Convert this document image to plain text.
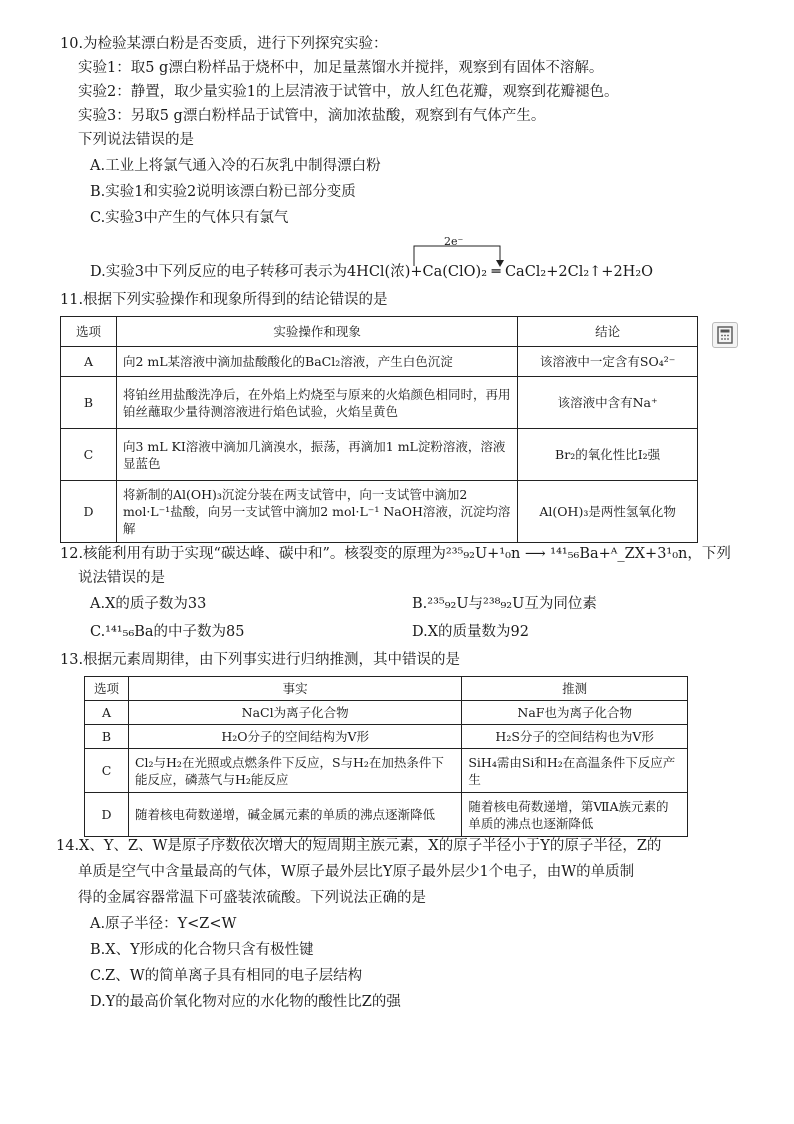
10.为检验某漂白粉是否变质，进行下列探究实验：
实验1：取5 g漂白粉样品于烧杯中，加足量蒸馏水并搅拌，观察到有固体不溶解。
实验2：静置，取少量实验1的上层清液于试管中，放人红色花瓣，观察到花瓣褪色。
实验3：另取5 g漂白粉样品于试管中，滴加浓盐酸，观察到有气体产生。
下列说法错误的是
A.工业上将氯气通入冷的石灰乳中制得漂白粉
B.实验1和实验2说明该漂白粉已部分变质
C.实验3中产生的气体只有氯气
2e⁻
D.实验3中下列反应的电子转移可表示为4HCl(浓)+Ca(ClO)₂ ═ CaCl₂+2Cl₂↑+2H₂O
11.根据下列实验操作和现象所得到的结论错误的是
选项	实验操作和现象	结论
A	向2 mL某溶液中滴加盐酸酸化的BaCl₂溶液，产生白色沉淀	该溶液中一定含有SO₄²⁻
B	将铂丝用盐酸洗净后，在外焰上灼烧至与原来的火焰颜色相同时，再用铂丝蘸取少量待测溶液进行焰色试验，火焰呈黄色	该溶液中含有Na⁺
C	向3 mL KI溶液中滴加几滴溴水，振荡，再滴加1 mL淀粉溶液，溶液显蓝色	Br₂的氧化性比I₂强
D	将新制的Al(OH)₃沉淀分装在两支试管中，向一支试管中滴加2 mol·L⁻¹盐酸，向另一支试管中滴加2 mol·L⁻¹ NaOH溶液，沉淀均溶解	Al(OH)₃是两性氢氧化物
12.核能利用有助于实现“碳达峰、碳中和”。核裂变的原理为²³⁵₉₂U+¹₀n ⟶ ¹⁴¹₅₆Ba+ᴬ_ZX+3¹₀n，下列
说法错误的是
A.X的质子数为33	B.²³⁵₉₂U与²³⁸₉₂U互为同位素
C.¹⁴¹₅₆Ba的中子数为85	D.X的质量数为92
13.根据元素周期律，由下列事实进行归纳推测，其中错误的是
选项	事实	推测
A	NaCl为离子化合物	NaF也为离子化合物
B	H₂O分子的空间结构为V形	H₂S分子的空间结构也为V形
C	Cl₂与H₂在光照或点燃条件下反应，S与H₂在加热条件下能反应，磷蒸气与H₂能反应	SiH₄需由Si和H₂在高温条件下反应产生
D	随着核电荷数递增，碱金属元素的单质的沸点逐渐降低	随着核电荷数递增，第ⅦA族元素的单质的沸点也逐渐降低
14.X、Y、Z、W是原子序数依次增大的短周期主族元素，X的原子半径小于Y的原子半径，Z的
单质是空气中含量最高的气体，W原子最外层比Y原子最外层少1个电子，由W的单质制
得的金属容器常温下可盛装浓硫酸。下列说法正确的是
A.原子半径：Y<Z<W
B.X、Y形成的化合物只含有极性键
C.Z、W的简单离子具有相同的电子层结构
D.Y的最高价氧化物对应的水化物的酸性比Z的强
